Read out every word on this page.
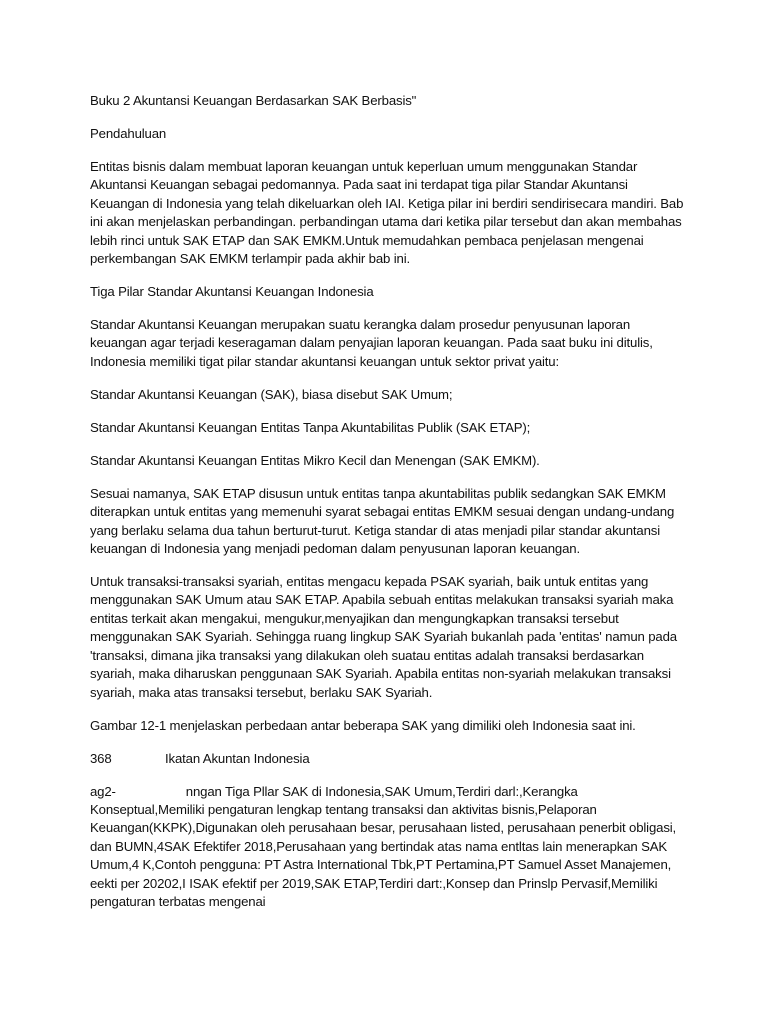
Buku 2 Akuntansi Keuangan Berdasarkan SAK Berbasis"

Pendahuluan

Entitas bisnis dalam membuat laporan keuangan untuk keperluan umum menggunakan Standar Akuntansi Keuangan sebagai pedomannya. Pada saat ini terdapat tiga pilar Standar Akuntansi Keuangan di Indonesia yang telah dikeluarkan oleh IAI. Ketiga pilar ini berdiri sendirisecara mandiri. Bab ini akan menjelaskan perbandingan. perbandingan utama dari ketika pilar tersebut dan akan membahas lebih rinci untuk SAK ETAP dan SAK EMKM.Untuk memudahkan pembaca penjelasan mengenai perkembangan SAK EMKM terlampir pada akhir bab ini.

Tiga Pilar Standar Akuntansi Keuangan Indonesia

Standar Akuntansi Keuangan merupakan suatu kerangka dalam prosedur penyusunan laporan keuangan agar terjadi keseragaman dalam penyajian laporan keuangan. Pada saat buku ini ditulis, Indonesia memiliki tigat pilar standar akuntansi keuangan untuk sektor privat yaitu:

Standar Akuntansi Keuangan (SAK), biasa disebut SAK Umum;

Standar Akuntansi Keuangan Entitas Tanpa Akuntabilitas Publik (SAK ETAP);

Standar Akuntansi Keuangan Entitas Mikro Kecil dan Menengan (SAK EMKM).

Sesuai namanya, SAK ETAP disusun untuk entitas tanpa akuntabilitas publik sedangkan SAK EMKM diterapkan untuk entitas yang memenuhi syarat sebagai entitas EMKM sesuai dengan undang-undang yang berlaku selama dua tahun berturut-turut. Ketiga standar di atas menjadi pilar standar akuntansi keuangan di Indonesia yang menjadi pedoman dalam penyusunan laporan keuangan.

Untuk transaksi-transaksi syariah, entitas mengacu kepada PSAK syariah, baik untuk entitas yang menggunakan SAK Umum atau SAK ETAP. Apabila sebuah entitas melakukan transaksi syariah maka entitas terkait akan mengakui, mengukur,menyajikan dan mengungkapkan transaksi tersebut menggunakan SAK Syariah. Sehingga ruang lingkup SAK Syariah bukanlah pada 'entitas' namun pada 'transaksi, dimana jika transaksi yang dilakukan oleh suatau entitas adalah transaksi berdasarkan syariah, maka diharuskan penggunaan SAK Syariah. Apabila entitas non-syariah melakukan transaksi syariah, maka atas transaksi tersebut, berlaku SAK Syariah.

Gambar 12-1 menjelaskan perbedaan antar beberapa SAK yang dimiliki oleh Indonesia saat ini.

368	Ikatan Akuntan Indonesia

ag2-	nngan Tiga Pllar SAK di Indonesia,SAK Umum,Terdiri darl:,Kerangka Konseptual,Memiliki pengaturan lengkap tentang transaksi dan aktivitas bisnis,Pelaporan Keuangan(KKPK),Digunakan oleh perusahaan besar, perusahaan listed, perusahaan penerbit obligasi, dan BUMN,4SAK Efektifer 2018,Perusahaan yang bertindak atas nama entltas lain menerapkan SAK Umum,4 K,Contoh pengguna: PT Astra International Tbk,PT Pertamina,PT Samuel Asset Manajemen, eekti per 20202,I ISAK efektif per 2019,SAK ETAP,Terdiri dart:,Konsep dan Prinslp Pervasif,Memiliki pengaturan terbatas mengenai
